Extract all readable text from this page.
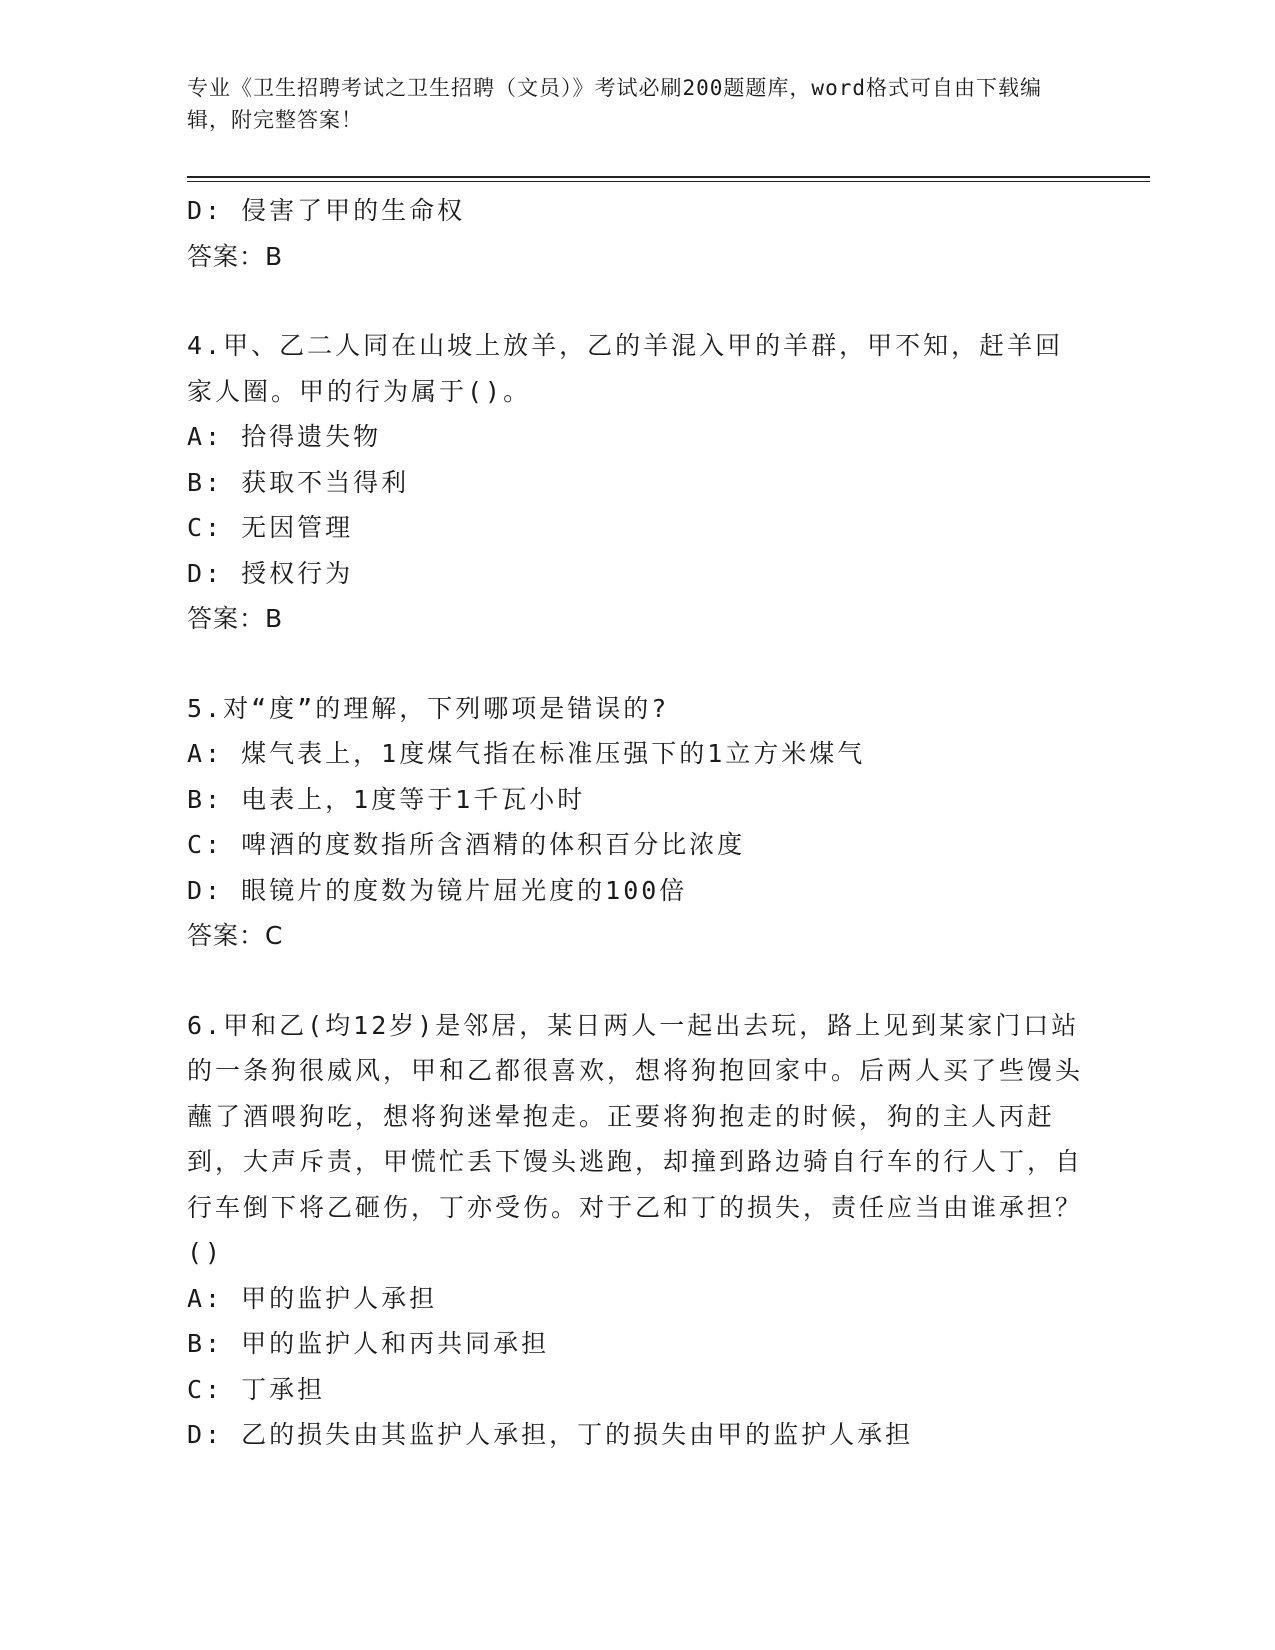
专业《卫生招聘考试之卫生招聘（文员）》考试必刷200题题库，word格式可自由下载编辑，附完整答案！
D: 侵害了甲的生命权
答案：B
4.甲、乙二人同在山坡上放羊，乙的羊混入甲的羊群，甲不知，赶羊回家人圈。甲的行为属于()。
A: 拾得遗失物
B: 获取不当得利
C: 无因管理
D: 授权行为
答案：B
5.对“度”的理解，下列哪项是错误的?
A: 煤气表上，1度煤气指在标准压强下的1立方米煤气
B: 电表上，1度等于1千瓦小时
C: 啤酒的度数指所含酒精的体积百分比浓度
D: 眼镜片的度数为镜片屈光度的100倍
答案：C
6.甲和乙(均12岁)是邻居，某日两人一起出去玩，路上见到某家门口站的一条狗很威风，甲和乙都很喜欢，想将狗抱回家中。后两人买了些馒头蘸了酒喂狗吃，想将狗迷晕抱走。正要将狗抱走的时候，狗的主人丙赶到，大声斥责，甲慌忙丢下馒头逃跑，却撞到路边骑自行车的行人丁，自行车倒下将乙砸伤，丁亦受伤。对于乙和丁的损失，责任应当由谁承担？()
A: 甲的监护人承担
B: 甲的监护人和丙共同承担
C: 丁承担
D: 乙的损失由其监护人承担，丁的损失由甲的监护人承担
